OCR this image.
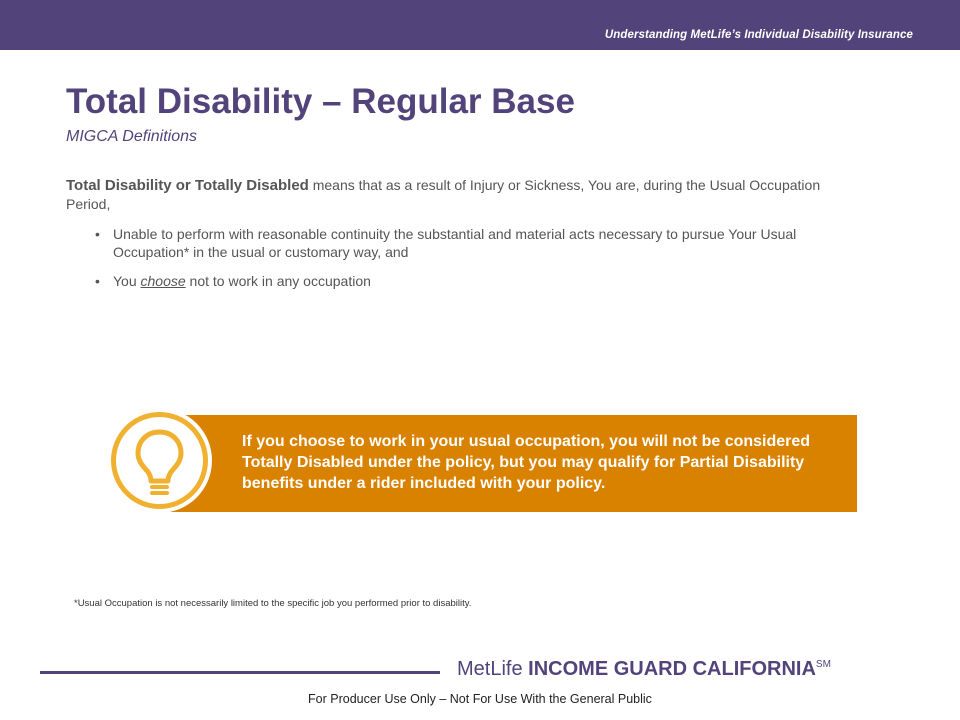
Understanding MetLife’s Individual Disability Insurance
Total Disability – Regular Base
MIGCA Definitions

Total Disability or Totally Disabled means that as a result of Injury or Sickness, You are, during the Usual Occupation Period,

• Unable to perform with reasonable continuity the substantial and material acts necessary to pursue Your Usual Occupation* in the usual or customary way, and
• You choose not to work in any occupation
If you choose to work in your usual occupation, you will not be considered Totally Disabled under the policy, but you may qualify for Partial Disability benefits under a rider included with your policy.
*Usual Occupation is not necessarily limited to the specific job you performed prior to disability.
MetLife INCOME GUARD CALIFORNIA℠
For Producer Use Only – Not For Use With the General Public
